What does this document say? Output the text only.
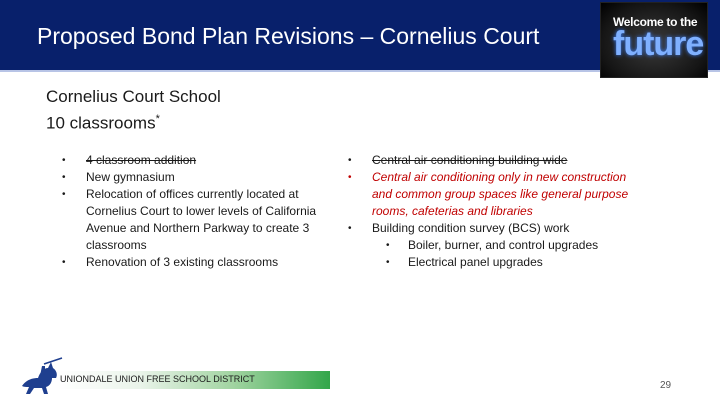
Proposed Bond Plan Revisions – Cornelius Court
Welcome to the
future
Cornelius Court School
10 classrooms*
• 4 classroom addition
• New gymnasium
• Relocation of offices currently located at Cornelius Court to lower levels of California Avenue and Northern Parkway to create 3 classrooms
• Renovation of 3 existing classrooms
• Central air conditioning building wide
• Central air conditioning only in new construction and common group spaces like general purpose rooms, cafeterias and libraries
• Building condition survey (BCS) work
• Boiler, burner, and control upgrades
• Electrical panel upgrades
UNIONDALE UNION FREE SCHOOL DISTRICT
29
